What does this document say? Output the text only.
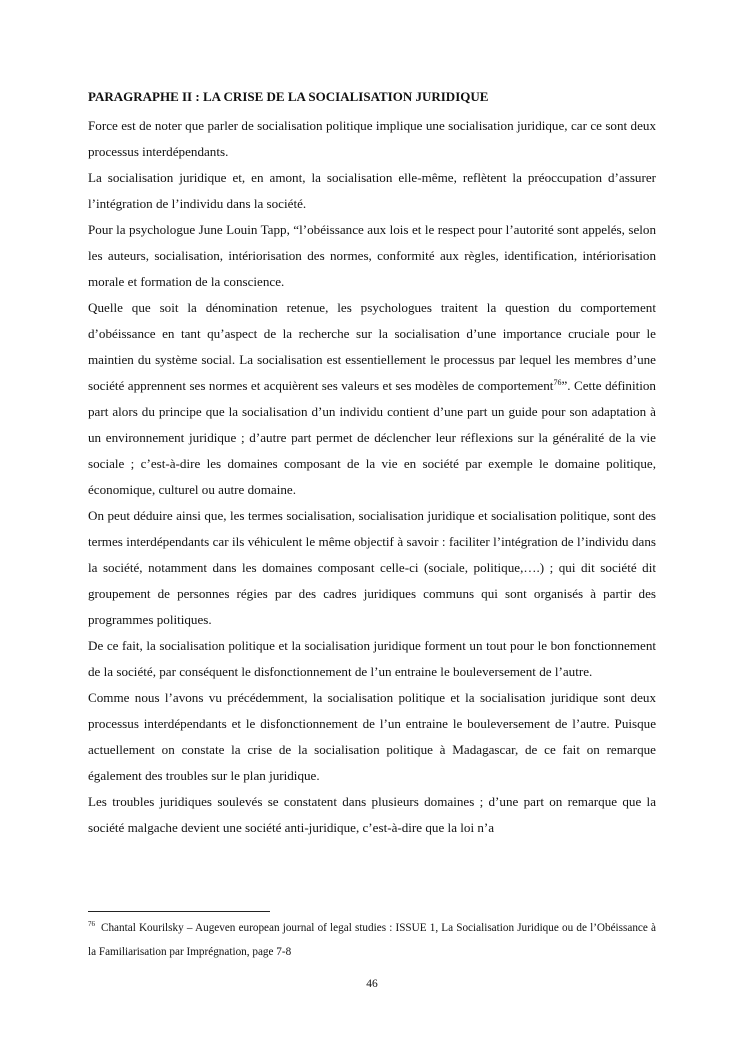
PARAGRAPHE II : LA CRISE DE LA SOCIALISATION JURIDIQUE

Force est de noter que parler de socialisation politique implique une socialisation juridique, car ce sont deux processus interdépendants.

La socialisation juridique et, en amont, la socialisation elle-même, reflètent la préoccupation d’assurer l’intégration de l’individu dans la société.

Pour la psychologue June Louin Tapp, “l’obéissance aux lois et le respect pour l’autorité sont appelés, selon les auteurs, socialisation, intériorisation des normes, conformité aux règles, identification, intériorisation morale et formation de la conscience.

Quelle que soit la dénomination retenue, les psychologues traitent la question du comportement d’obéissance en tant qu’aspect de la recherche sur la socialisation d’une importance cruciale pour le maintien du système social. La socialisation est essentiellement le processus par lequel les membres d’une société apprennent ses normes et acquièrent ses valeurs et ses modèles de comportement$^{76}$”. Cette définition part alors du principe que la socialisation d’un individu contient d’une part un guide pour son adaptation à un environnement juridique ; d’autre part permet de déclencher leur réflexions sur la généralité de la vie sociale ; c’est-à-dire les domaines composant de la vie en société par exemple le domaine politique, économique, culturel ou autre domaine.

On peut déduire ainsi que, les termes socialisation, socialisation juridique et socialisation politique, sont des termes interdépendants car ils véhiculent le même objectif à savoir : faciliter l’intégration de l’individu dans la société, notamment dans les domaines composant celle-ci (sociale, politique,….) ; qui dit société dit groupement de personnes régies par des cadres juridiques communs qui sont organisés à partir des programmes politiques.

De ce fait, la socialisation politique et la socialisation juridique forment un tout pour le bon fonctionnement de la société, par conséquent le disfonctionnement de l’un entraine le bouleversement de l’autre.

Comme nous l’avons vu précédemment, la socialisation politique et la socialisation juridique sont deux processus interdépendants et le disfonctionnement de l’un entraine le bouleversement de l’autre. Puisque actuellement on constate la crise de la socialisation politique à Madagascar, de ce fait on remarque également des troubles sur le plan juridique.

Les troubles juridiques soulevés se constatent dans plusieurs domaines ; d’une part on remarque que la société malgache devient une société anti-juridique, c’est-à-dire que la loi n’a

$^{76}$ Chantal Kourilsky – Augeven european journal of legal studies : ISSUE 1, La Socialisation Juridique ou de l’Obéissance à la Familiarisation par Imprégnation, page 7-8
46
